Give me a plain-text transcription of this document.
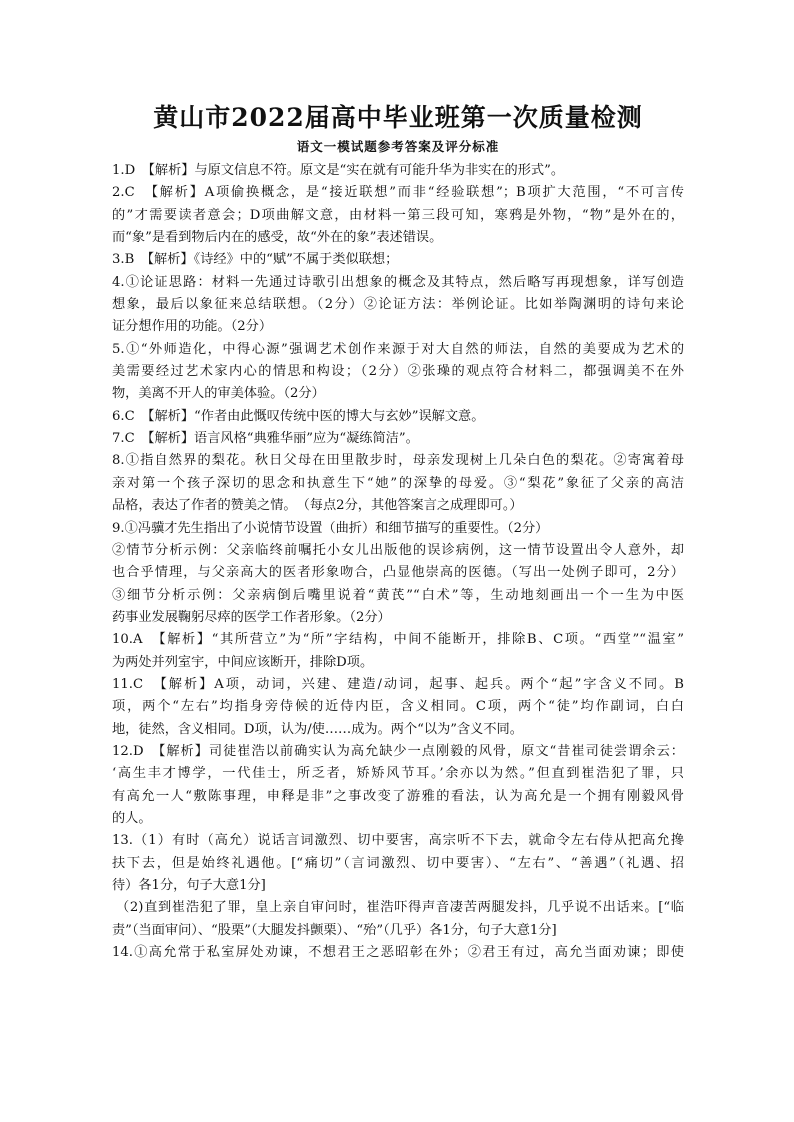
黄山市2022届高中毕业班第一次质量检测
语文一模试题参考答案及评分标准

1.D　【解析】与原文信息不符。原文是“实在就有可能升华为非实在的形式”。

2.C　【解析】A项偷换概念，是“接近联想”而非“经验联想”；B项扩大范围，“不可言传

的”才需要读者意会；D项曲解文意，由材料一第三段可知，寒鸦是外物，“物”是外在的，

而“象”是看到物后内在的感受，故“外在的象”表述错误。

3.B　【解析】《诗经》中的“赋”不属于类似联想；

4.①论证思路：材料一先通过诗歌引出想象的概念及其特点，然后略写再现想象，详写创造

想象，最后以象征来总结联想。（2分）②论证方法：举例论证。比如举陶渊明的诗句来论

证分想作用的功能。（2分）

5.①“外师造化，中得心源”强调艺术创作来源于对大自然的师法，自然的美要成为艺术的

美需要经过艺术家内心的情思和构设；（2分）②张璪的观点符合材料二，都强调美不在外

物，美离不开人的审美体验。（2分）

6.C　【解析】“作者由此慨叹传统中医的博大与玄妙”误解文意。

7.C　【解析】语言风格“典雅华丽”应为“凝练简洁”。

8.①指自然界的梨花。秋日父母在田里散步时，母亲发现树上几朵白色的梨花。②寄寓着母

亲对第一个孩子深切的思念和执意生下“她”的深挚的母爱。③“梨花”象征了父亲的高洁

品格，表达了作者的赞美之情。　（每点2分，其他答案言之成理即可。）

9.①冯骥才先生指出了小说情节设置（曲折）和细节描写的重要性。（2分）

②情节分析示例：父亲临终前嘱托小女儿出版他的误诊病例，这一情节设置出令人意外，却

也合乎情理，与父亲高大的医者形象吻合，凸显他崇高的医德。（写出一处例子即可，2分）

③细节分析示例：父亲病倒后嘴里说着“黄芪”“白术”等，生动地刻画出一个一生为中医

药事业发展鞠躬尽瘁的医学工作者形象。（2分）

10.A　【解析】“其所营立”为“所”字结构，中间不能断开，排除B、C项。“西堂”“温室”

为两处并列室宇，中间应该断开，排除D项。

11.C　【解析】A项，动词，兴建、建造/动词，起事、起兵。两个“起”字含义不同。B

项，两个“左右”均指身旁侍候的近侍内臣，含义相同。C项，两个“徒”均作副词，白白

地，徒然，含义相同。D项，认为/使……成为。两个“以为”含义不同。

12.D　【解析】司徒崔浩以前确实认为高允缺少一点刚毅的风骨，原文“昔崔司徒尝谓余云：

‘高生丰才博学，一代佳士，所乏者，矫矫风节耳。’余亦以为然。”但直到崔浩犯了罪，只

有高允一人“敷陈事理，申释是非”之事改变了游雅的看法，认为高允是一个拥有刚毅风骨

的人。

13.（1）有时（高允）说话言词激烈、切中要害，高宗听不下去，就命令左右侍从把高允搀

扶下去，但是始终礼遇他。[“痛切”（言词激烈、切中要害）、“左右”、“善遇”（礼遇、招

待）各1分，句子大意1分]

（2)直到崔浩犯了罪，皇上亲自审问时，崔浩吓得声音凄苦两腿发抖，几乎说不出话来。[“临

责”（当面审问）、“股栗”（大腿发抖颤栗）、“殆”（几乎）各1分，句子大意1分]

14.①高允常于私室屏处劝谏，不想君王之恶昭彰在外；②君王有过，高允当面劝谏；即使
